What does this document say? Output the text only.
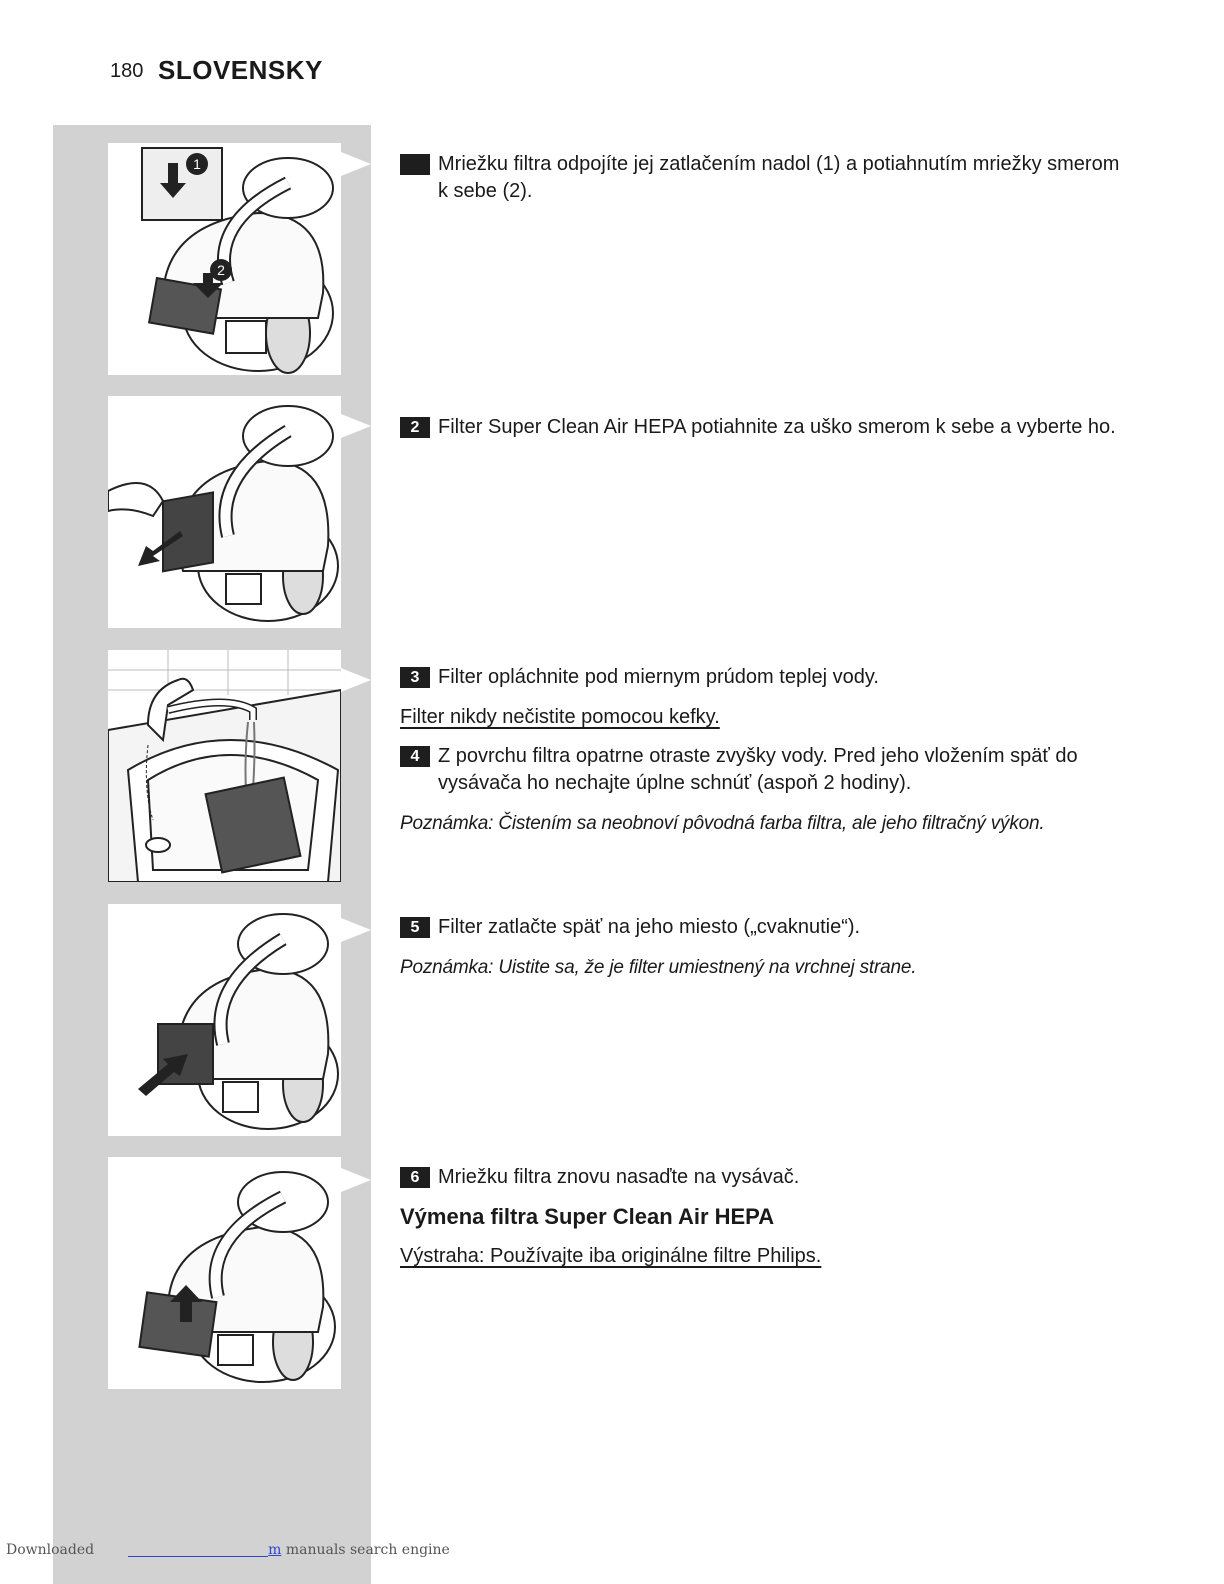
180 SLOVENSKY
1
2
Mriežku filtra odpojíte jej zatlačením nadol (1) a potiahnutím mriežky smerom k sebe (2).
2 Filter Super Clean Air HEPA potiahnite za uško smerom k sebe a vyberte ho.
3 Filter opláchnite pod miernym prúdom teplej vody.
Filter nikdy nečistite pomocou kefky.
4 Z povrchu filtra opatrne otraste zvyšky vody. Pred jeho vložením späť do vysávača ho nechajte úplne schnúť (aspoň 2 hodiny).
Poznámka: Čistením sa neobnoví pôvodná farba filtra, ale jeho filtračný výkon.
5 Filter zatlačte späť na jeho miesto („cvaknutie“).
Poznámka: Uistite sa, že je filter umiestnený na vrchnej strane.
6 Mriežku filtra znovu nasaďte na vysávač.
Výmena filtra Super Clean Air HEPA
Výstraha: Používajte iba originálne filtre Philips.
Downloaded	m manuals search engine
